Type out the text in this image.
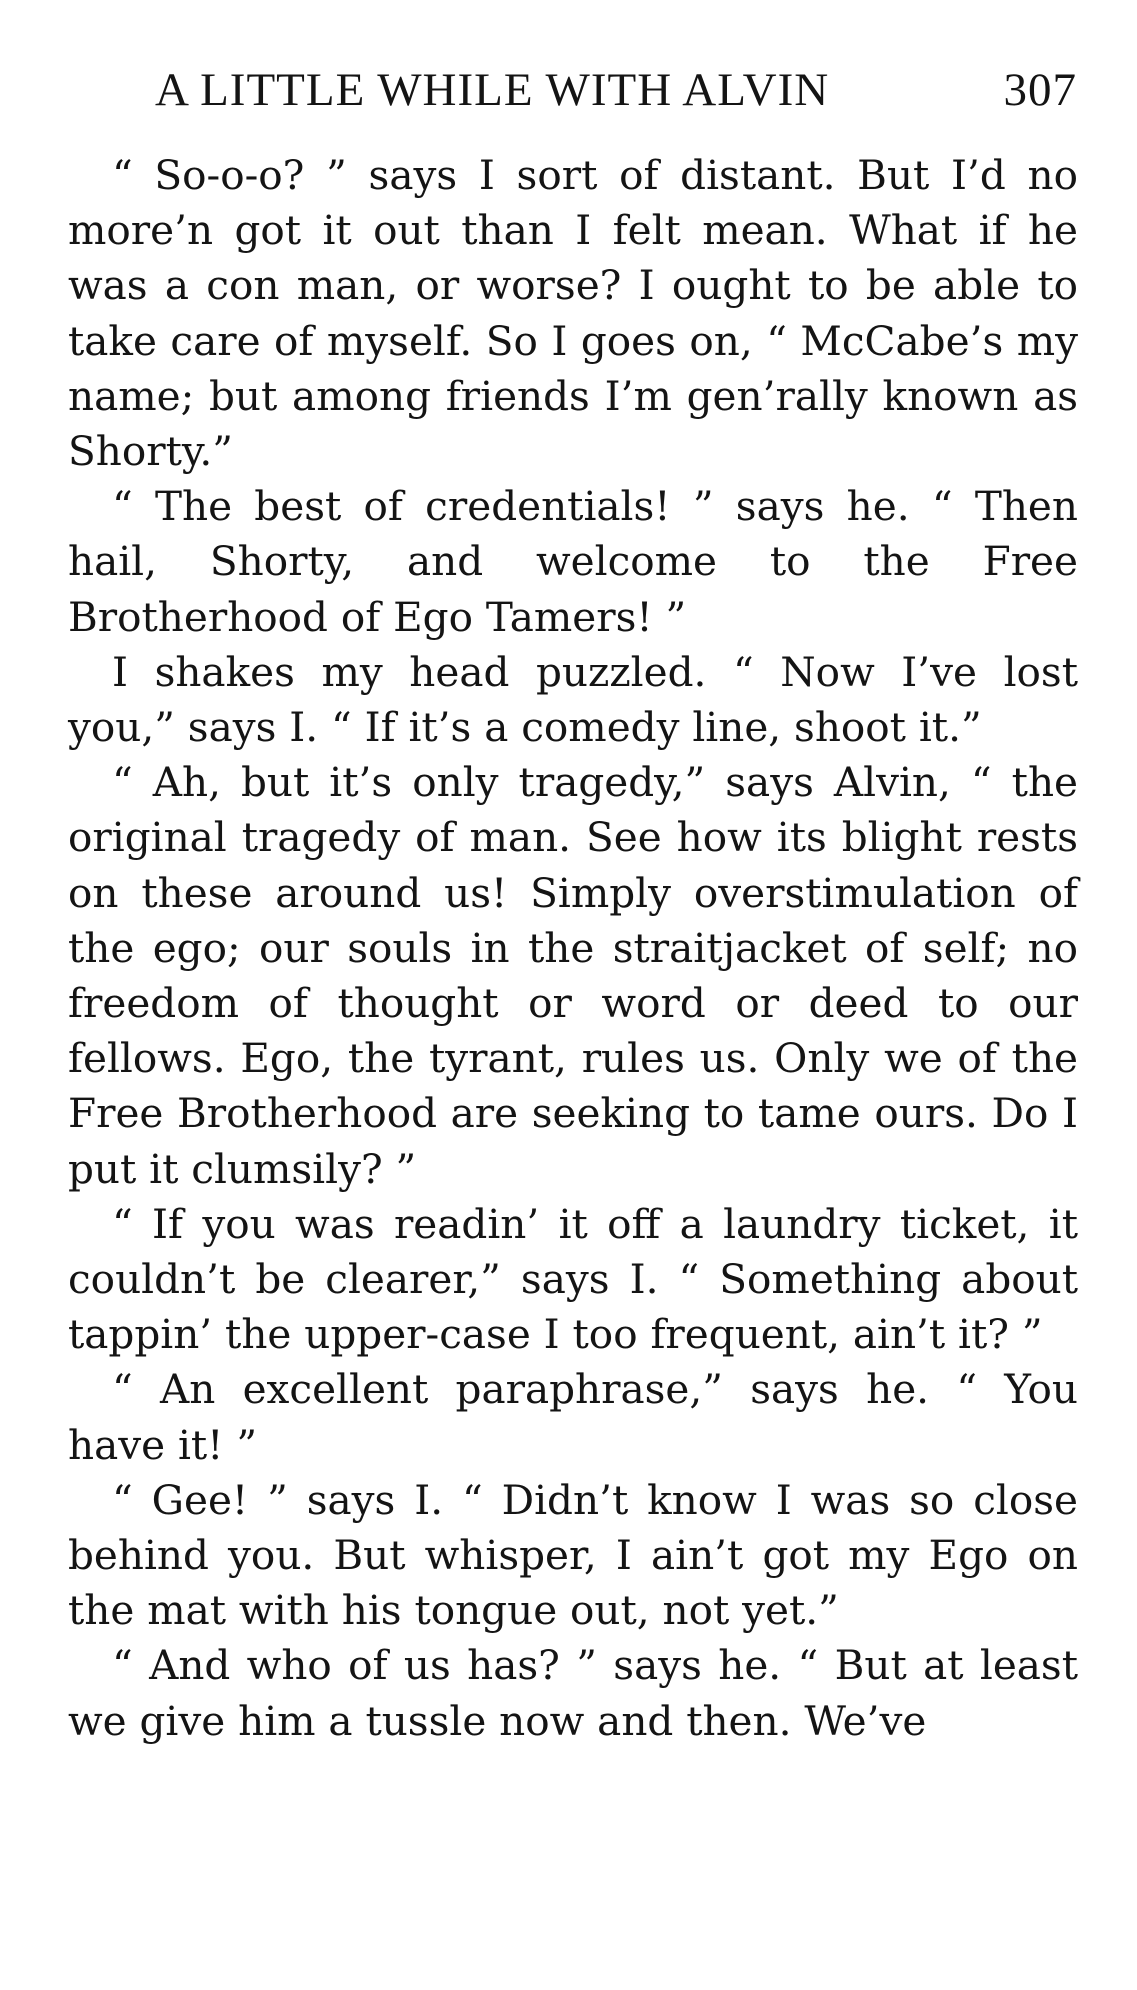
A LITTLE WHILE WITH ALVIN	307

“ So-o-o? ” says I sort of distant. But I’d no more’n got it out than I felt mean. What if he was a con man, or worse? I ought to be able to take care of myself. So I goes on, “ McCabe’s my name; but among friends I’m gen’rally known as Shorty.”

“ The best of credentials! ” says he. “ Then hail, Shorty, and welcome to the Free Brotherhood of Ego Tamers! ”

I shakes my head puzzled. “ Now I’ve lost you,” says I. “ If it’s a comedy line, shoot it.”

“ Ah, but it’s only tragedy,” says Alvin, “ the original tragedy of man. See how its blight rests on these around us! Simply overstimulation of the ego; our souls in the straitjacket of self; no freedom of thought or word or deed to our fellows. Ego, the tyrant, rules us. Only we of the Free Brotherhood are seeking to tame ours. Do I put it clumsily? ”

“ If you was readin’ it off a laundry ticket, it couldn’t be clearer,” says I. “ Something about tappin’ the upper-case I too frequent, ain’t it? ”

“ An excellent paraphrase,” says he. “ You have it! ”

“ Gee! ” says I. “ Didn’t know I was so close behind you. But whisper, I ain’t got my Ego on the mat with his tongue out, not yet.”

“ And who of us has? ” says he. “ But at least we give him a tussle now and then. We’ve
